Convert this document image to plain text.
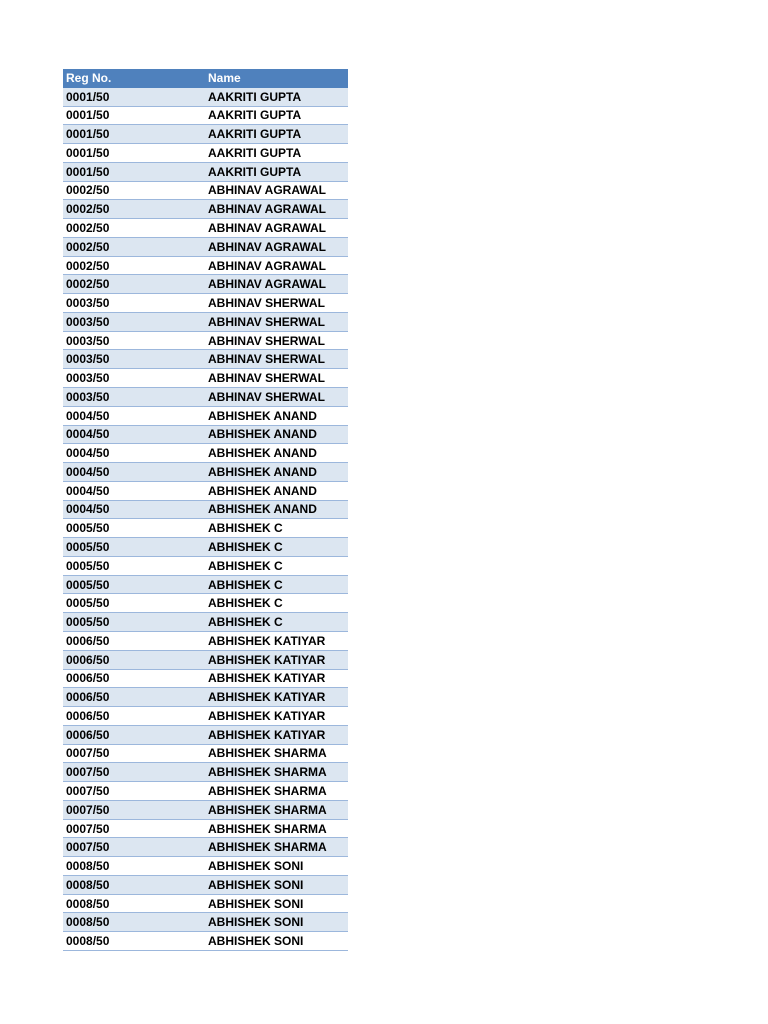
Reg No.	Name
0001/50	AAKRITI GUPTA
0001/50	AAKRITI GUPTA
0001/50	AAKRITI GUPTA
0001/50	AAKRITI GUPTA
0001/50	AAKRITI GUPTA
0002/50	ABHINAV AGRAWAL
0002/50	ABHINAV AGRAWAL
0002/50	ABHINAV AGRAWAL
0002/50	ABHINAV AGRAWAL
0002/50	ABHINAV AGRAWAL
0002/50	ABHINAV AGRAWAL
0003/50	ABHINAV SHERWAL
0003/50	ABHINAV SHERWAL
0003/50	ABHINAV SHERWAL
0003/50	ABHINAV SHERWAL
0003/50	ABHINAV SHERWAL
0003/50	ABHINAV SHERWAL
0004/50	ABHISHEK ANAND
0004/50	ABHISHEK ANAND
0004/50	ABHISHEK ANAND
0004/50	ABHISHEK ANAND
0004/50	ABHISHEK ANAND
0004/50	ABHISHEK ANAND
0005/50	ABHISHEK C
0005/50	ABHISHEK C
0005/50	ABHISHEK C
0005/50	ABHISHEK C
0005/50	ABHISHEK C
0005/50	ABHISHEK C
0006/50	ABHISHEK KATIYAR
0006/50	ABHISHEK KATIYAR
0006/50	ABHISHEK KATIYAR
0006/50	ABHISHEK KATIYAR
0006/50	ABHISHEK KATIYAR
0006/50	ABHISHEK KATIYAR
0007/50	ABHISHEK SHARMA
0007/50	ABHISHEK SHARMA
0007/50	ABHISHEK SHARMA
0007/50	ABHISHEK SHARMA
0007/50	ABHISHEK SHARMA
0007/50	ABHISHEK SHARMA
0008/50	ABHISHEK SONI
0008/50	ABHISHEK SONI
0008/50	ABHISHEK SONI
0008/50	ABHISHEK SONI
0008/50	ABHISHEK SONI
